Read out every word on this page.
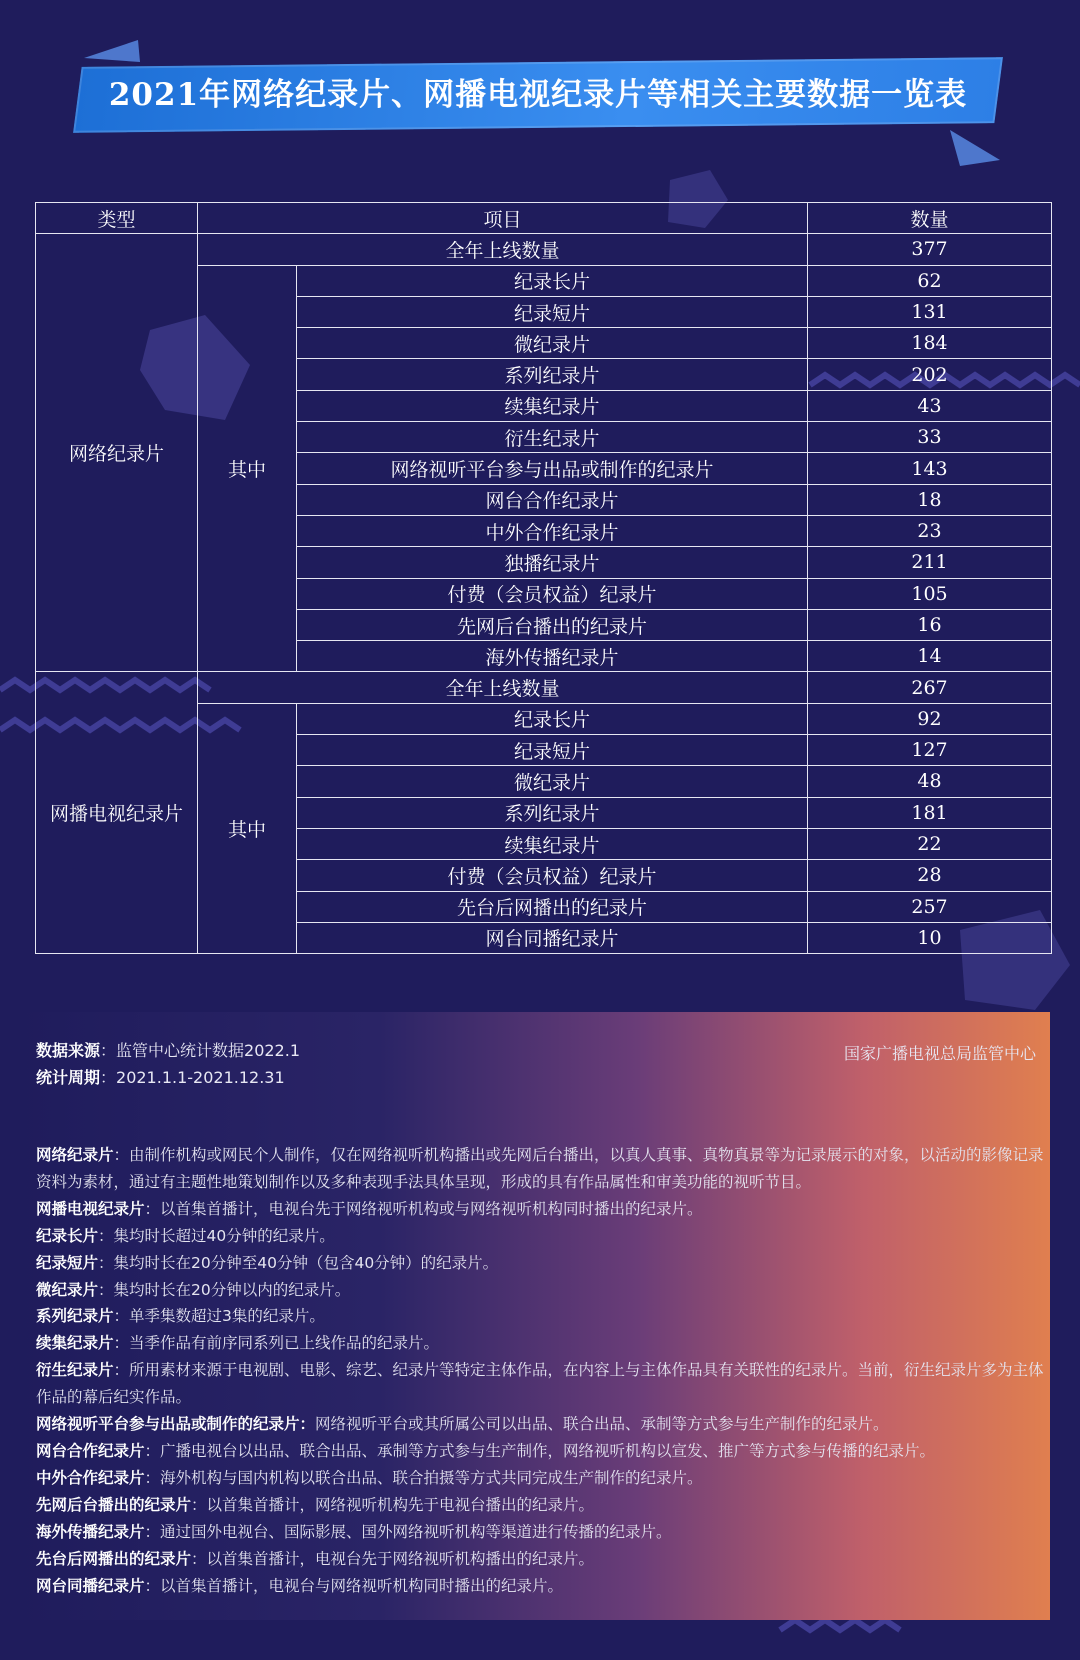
2021年网络纪录片、网播电视纪录片等相关主要数据一览表
类型	项目		数量
网络纪录片	全年上线数量		377
	其中	纪录长片	62
		纪录短片	131
		微纪录片	184
		系列纪录片	202
		续集纪录片	43
		衍生纪录片	33
		网络视听平台参与出品或制作的纪录片	143
		网台合作纪录片	18
		中外合作纪录片	23
		独播纪录片	211
		付费（会员权益）纪录片	105
		先网后台播出的纪录片	16
		海外传播纪录片	14
网播电视纪录片	全年上线数量		267
	其中	纪录长片	92
		纪录短片	127
		微纪录片	48
		系列纪录片	181
		续集纪录片	22
		付费（会员权益）纪录片	28
		先台后网播出的纪录片	257
		网台同播纪录片	10
数据来源：监管中心统计数据2022.1
统计周期：2021.1.1-2021.12.31
国家广播电视总局监管中心

网络纪录片：由制作机构或网民个人制作，仅在网络视听机构播出或先网后台播出，以真人真事、真物真景等为记录展示的对象，以活动的影像记录资料为素材，通过有主题性地策划制作以及多种表现手法具体呈现，形成的具有作品属性和审美功能的视听节目。

网播电视纪录片：以首集首播计，电视台先于网络视听机构或与网络视听机构同时播出的纪录片。

纪录长片：集均时长超过40分钟的纪录片。

纪录短片：集均时长在20分钟至40分钟（包含40分钟）的纪录片。

微纪录片：集均时长在20分钟以内的纪录片。

系列纪录片：单季集数超过3集的纪录片。

续集纪录片：当季作品有前序同系列已上线作品的纪录片。

衍生纪录片：所用素材来源于电视剧、电影、综艺、纪录片等特定主体作品，在内容上与主体作品具有关联性的纪录片。当前，衍生纪录片多为主体作品的幕后纪实作品。

网络视听平台参与出品或制作的纪录片：网络视听平台或其所属公司以出品、联合出品、承制等方式参与生产制作的纪录片。

网台合作纪录片：广播电视台以出品、联合出品、承制等方式参与生产制作，网络视听机构以宣发、推广等方式参与传播的纪录片。

中外合作纪录片：海外机构与国内机构以联合出品、联合拍摄等方式共同完成生产制作的纪录片。

先网后台播出的纪录片：以首集首播计，网络视听机构先于电视台播出的纪录片。

海外传播纪录片：通过国外电视台、国际影展、国外网络视听机构等渠道进行传播的纪录片。

先台后网播出的纪录片：以首集首播计，电视台先于网络视听机构播出的纪录片。

网台同播纪录片：以首集首播计，电视台与网络视听机构同时播出的纪录片。
